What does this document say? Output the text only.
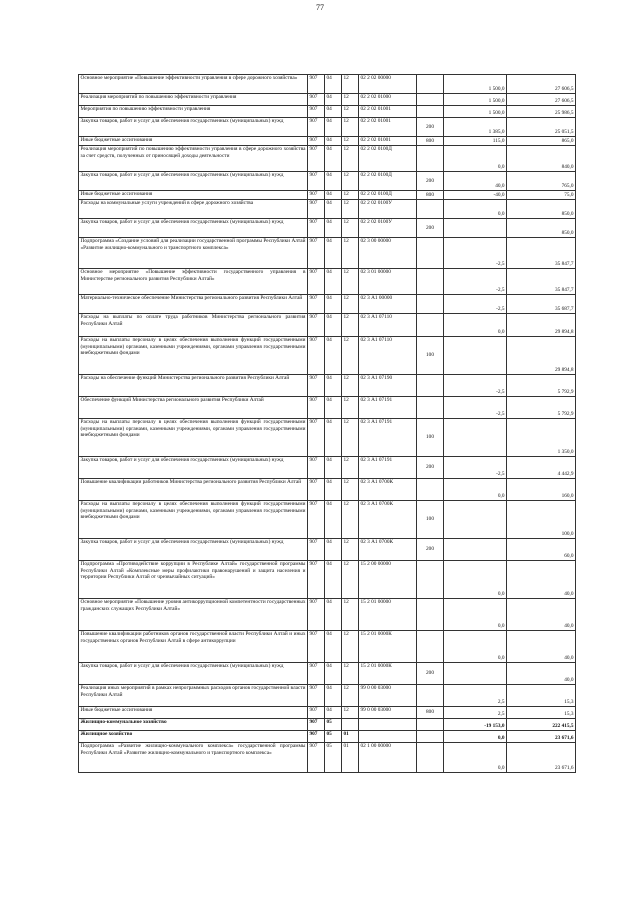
77
Основное мероприятие «Повышение эффективности управления в сфере дорожного хозяйства»	907	04	12	02 2 02 00000		1 500,0	27 606,5
Реализация мероприятий по повышению эффективности управления	907	04	12	02 2 02 01000		1 500,0	27 606,5
Мероприятия по повышению эффективности управления	907	04	12	02 2 02 01001		1 500,0	25 986,5
Закупка товаров, работ и услуг для обеспечения государственных (муниципальных) нужд	907	04	12	02 2 02 01001	200	1 385,0	25 051,5
Иные бюджетные ассигнования	907	04	12	02 2 02 01001	800	115,0	865,0
Реализация мероприятий по повышению эффективности управления в сфере дорожного хозяйства за счет средств, полученных от приносящей доходы деятельности	907	04	12	02 2 02 0100Д		0,0	840,0
Закупка товаров, работ и услуг для обеспечения государственных (муниципальных) нужд	907	04	12	02 2 02 0100Д	200	40,0	765,0
Иные бюджетные ассигнования	907	04	12	02 2 02 0100Д	800	-40,0	75,0
Расходы на коммунальные услуги учреждений в сфере дорожного хозяйства	907	04	12	02 2 02 0100У		0,0	850,0
Закупка товаров, работ и услуг для обеспечения государственных (муниципальных) нужд	907	04	12	02 2 02 0100У	200		850,0
Подпрограмма «Создание условий для реализации государственной программы Республики Алтай «Развитие жилищно-коммунального и транспортного комплекса»	907	04	12	02 3 00 00000		-2,5	35 847,7
Основное мероприятие «Повышение эффективности государственного управления в Министерстве регионального развития Республики Алтай»	907	04	12	02 3 01 00000		-2,5	35 847,7
Материально-техническое обеспечение Министерства регионального развития Республики Алтай	907	04	12	02 3 А1 00000		-2,5	35 687,7
Расходы на выплаты по оплате труда работников Министерства регионального развития Республики Алтай	907	04	12	02 3 А1 07110		0,0	29 894,8
Расходы на выплаты персоналу в целях обеспечения выполнения функций государственными (муниципальными) органами, казенными учреждениями, органами управления государственными внебюджетными фондами	907	04	12	02 3 А1 07110	100		29 894,8
Расходы на обеспечение функций Министерства регионального развития Республики Алтай	907	04	12	02 3 А1 07190		-2,5	5 792,9
Обеспечение функций Министерства регионального развития Республики Алтай	907	04	12	02 3 А1 07191		-2,5	5 792,9
Расходы на выплаты персоналу в целях обеспечения выполнения функций государственными (муниципальными) органами, казенными учреждениями, органами управления государственными внебюджетными фондами	907	04	12	02 3 А1 07191	100		1 350,0
Закупка товаров, работ и услуг для обеспечения государственных (муниципальных) нужд	907	04	12	02 3 А1 07191	200	-2,5	4 442,9
Повышение квалификации работников Министерства регионального развития Республики Алтай	907	04	12	02 3 А1 0700К		0,0	160,0
Расходы на выплаты персоналу в целях обеспечения выполнения функций государственными (муниципальными) органами, казенными учреждениями, органами управления государственными внебюджетными фондами	907	04	12	02 3 А1 0700К	100		100,0
Закупка товаров, работ и услуг для обеспечения государственных (муниципальных) нужд	907	04	12	02 3 А1 0700К	200		60,0
Подпрограмма «Противодействие коррупции в Республике Алтай» государственной программы Республики Алтай «Комплексные меры профилактики правонарушений и защита населения и территории Республики Алтай от чрезвычайных ситуаций»	907	04	12	15 2 00 00000		0,0	40,0
Основное мероприятие «Повышение уровня антикоррупционной компетентности государственных гражданских служащих Республики Алтай»	907	04	12	15 2 01 00000		0,0	40,0
Повышение квалификации работников органов государственной власти Республики Алтай и иных государственных органов Республики Алтай в сфере антикоррупции	907	04	12	15 2 01 0000К		0,0	40,0
Закупка товаров, работ и услуг для обеспечения государственных (муниципальных) нужд	907	04	12	15 2 01 0000К	200		40,0
Реализация иных мероприятий в рамках непрограммных расходов органов государственной власти Республики Алтай	907	04	12	99 0 00 03000		2,5	15,3
Иные бюджетные ассигнования	907	04	12	99 0 00 03000	800	2,5	15,3
Жилищно-коммунальное хозяйство	907	05				-19 153,0	222 415,5
Жилищное хозяйство	907	05	01			0,0	23 671,6
Подпрограмма «Развитие жилищно-коммунального комплекса» государственной программы Республики Алтай «Развитие жилищно-коммунального и транспортного комплекса»	907	05	01	02 1 00 00000		0,0	23 671,6
